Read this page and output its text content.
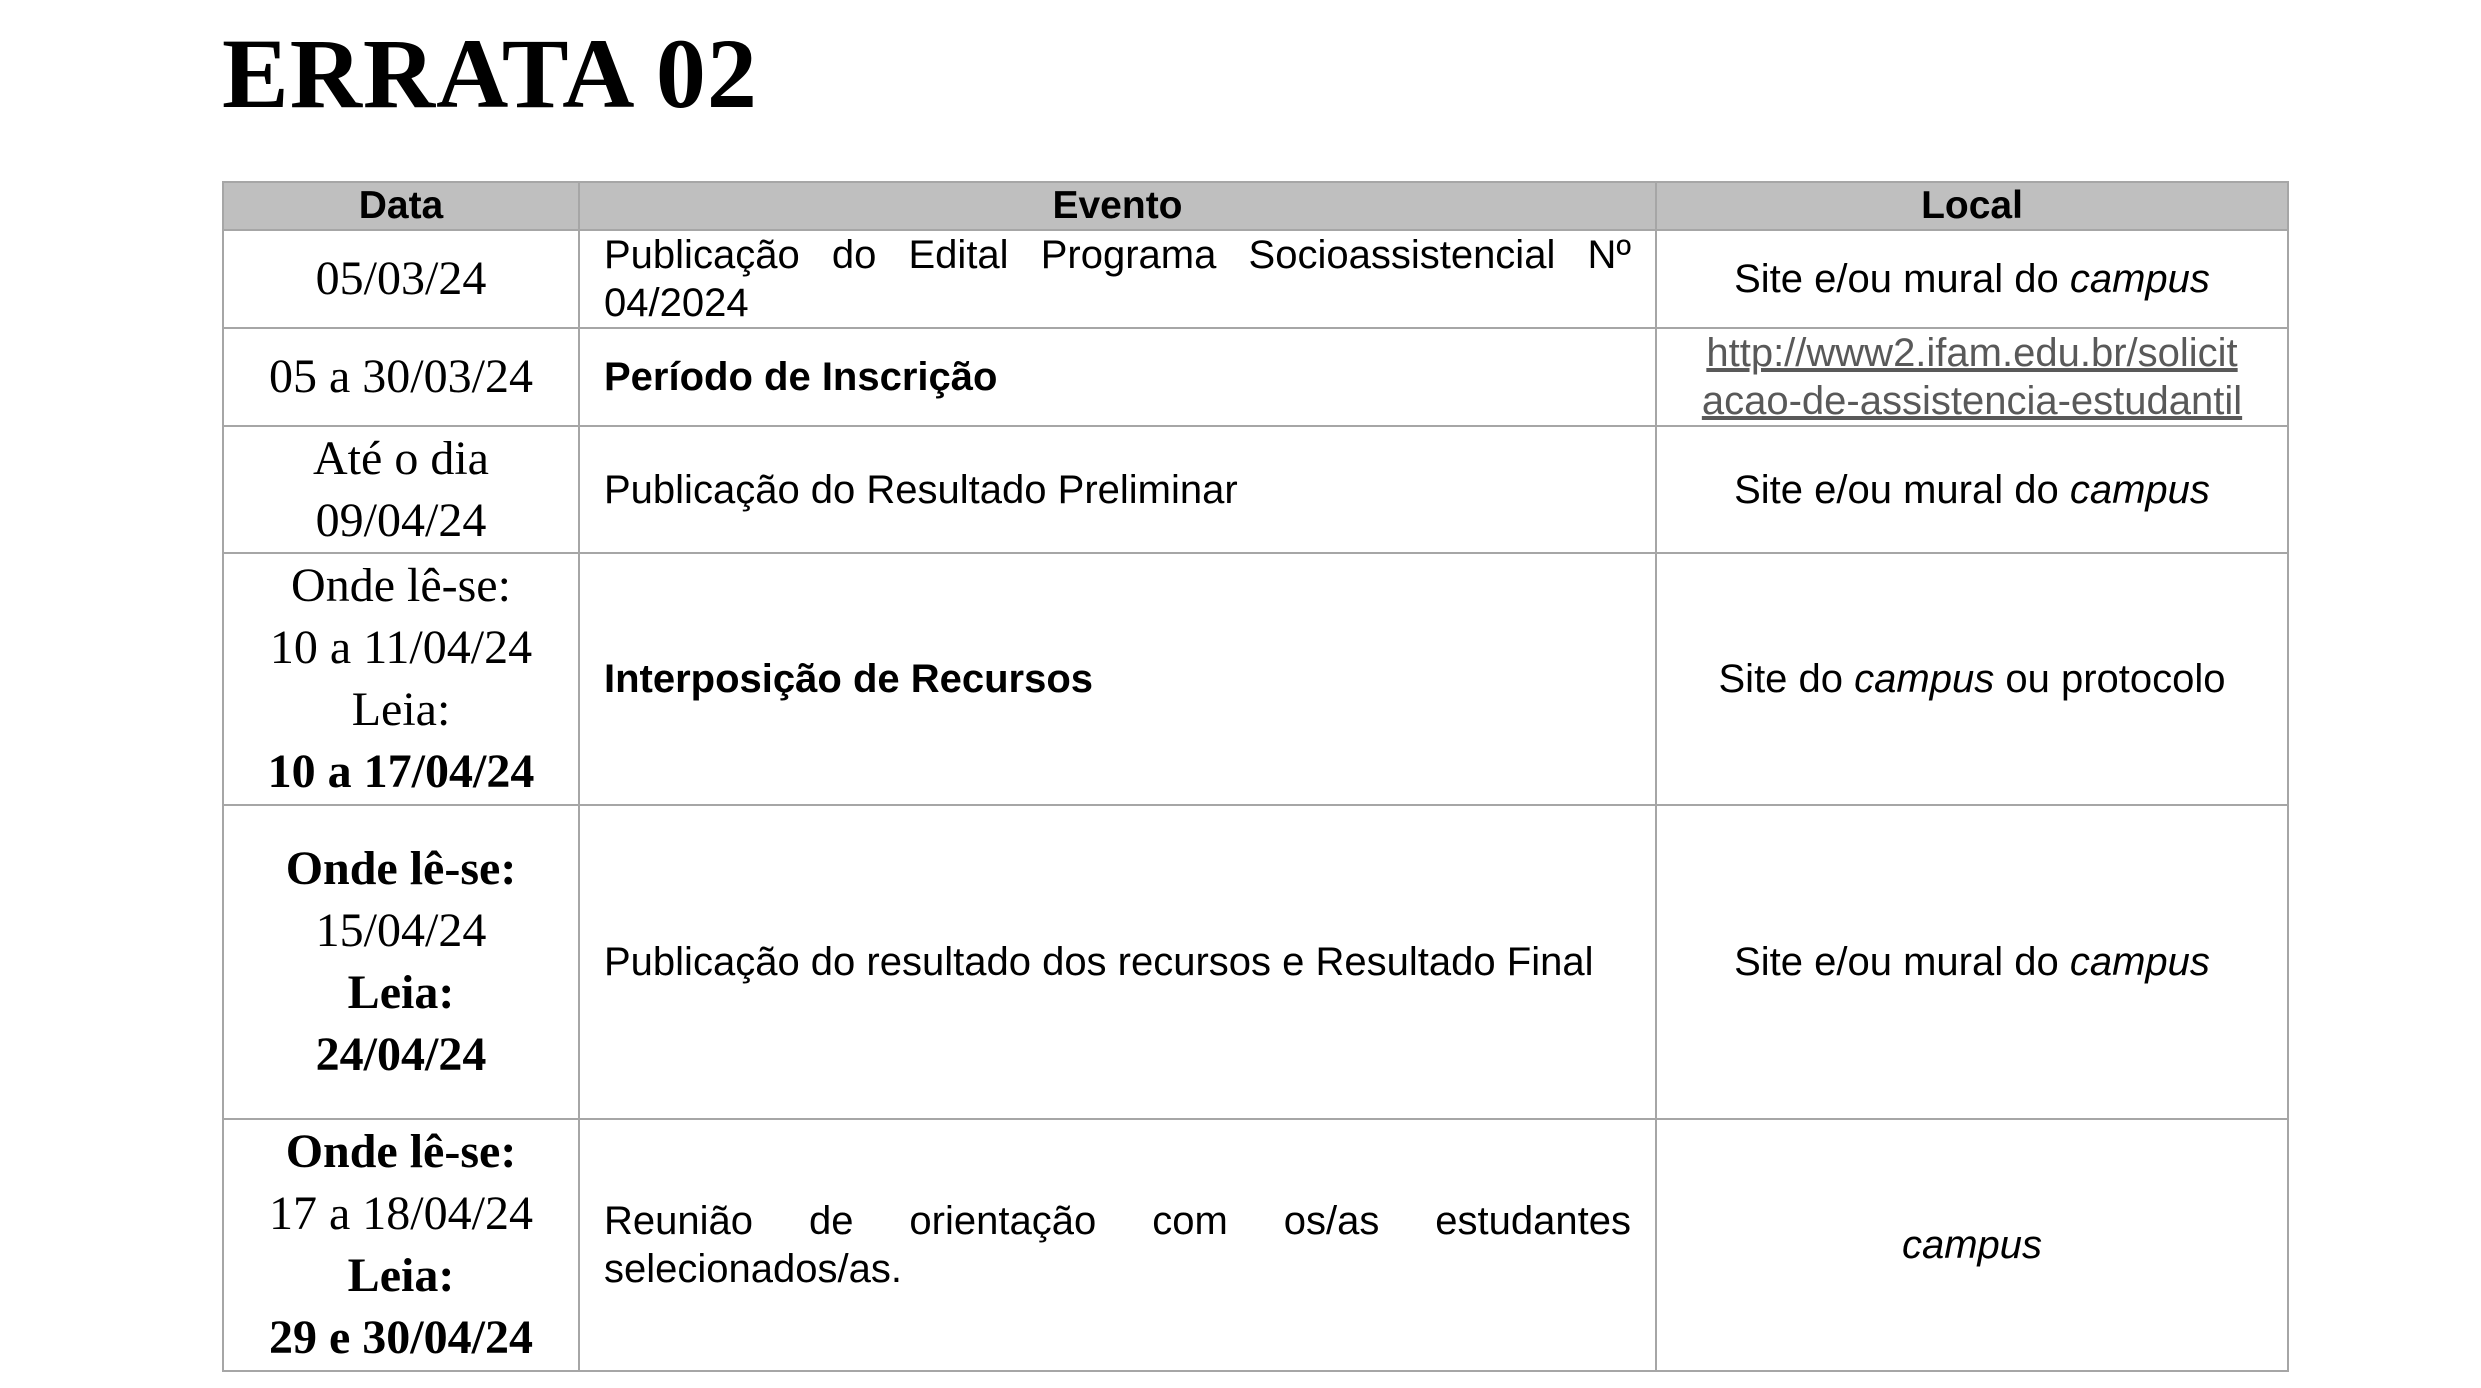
ERRATA 02
Data	Evento	Local

05/03/24	Publicação do Edital Programa Socioassistencial Nº 04/2024	Site e/ou mural do campus

05 a 30/03/24	Período de Inscrição	http://www2.ifam.edu.br/solicit
acao-de-assistencia-estudantil

Até o dia
09/04/24	Publicação do Resultado Preliminar	Site e/ou mural do campus

Onde lê-se:
10 a 11/04/24
Leia:
10 a 17/04/24	Interposição de Recursos	Site do campus ou protocolo

Onde lê-se:
15/04/24
Leia:
24/04/24	Publicação do resultado dos recursos e Resultado Final	Site e/ou mural do campus

Onde lê-se:
17 a 18/04/24
Leia:
29 e 30/04/24	Reunião de orientação com os/as estudantes selecionados/as.	campus
